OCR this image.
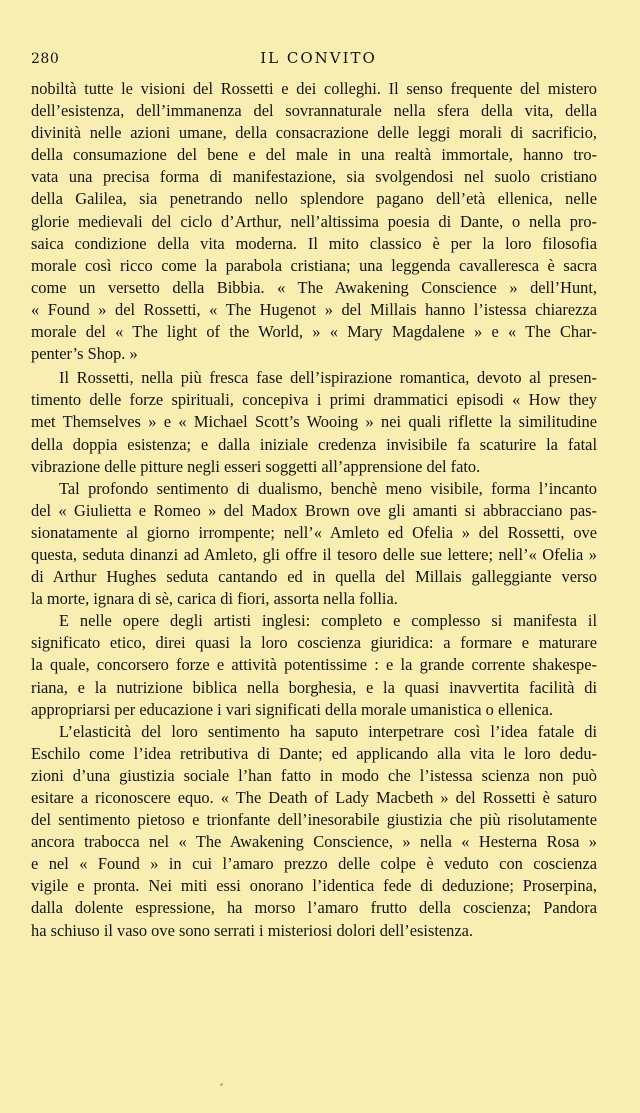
280	IL CONVITO
nobiltà tutte le visioni del Rossetti e dei colleghi. Il senso frequente del mistero
dell’esistenza, dell’immanenza del sovrannaturale nella sfera della vita, della
divinità nelle azioni umane, della consacrazione delle leggi morali di sacrificio,
della consumazione del bene e del male in una realtà immortale, hanno tro-
vata una precisa forma di manifestazione, sia svolgendosi nel suolo cristiano
della Galilea, sia penetrando nello splendore pagano dell’età ellenica, nelle
glorie medievali del ciclo d’Arthur, nell’altissima poesia di Dante, o nella pro-
saica condizione della vita moderna. Il mito classico è per la loro filosofia
morale così ricco come la parabola cristiana; una leggenda cavalleresca è sacra
come un versetto della Bibbia. « The Awakening Conscience » dell’Hunt,
« Found » del Rossetti, « The Hugenot » del Millais hanno l’istessa chiarezza
morale del « The light of the World, » « Mary Magdalene » e « The Char-
penter’s Shop. »
Il Rossetti, nella più fresca fase dell’ispirazione romantica, devoto al presen-
timento delle forze spirituali, concepiva i primi drammatici episodi « How they
met Themselves » e « Michael Scott’s Wooing » nei quali riflette la similitudine
della doppia esistenza; e dalla iniziale credenza invisibile fa scaturire la fatal
vibrazione delle pitture negli esseri soggetti all’apprensione del fato.
Tal profondo sentimento di dualismo, benchè meno visibile, forma l’incanto
del « Giulietta e Romeo » del Madox Brown ove gli amanti si abbracciano pas-
sionatamente al giorno irrompente; nell’« Amleto ed Ofelia » del Rossetti, ove
questa, seduta dinanzi ad Amleto, gli offre il tesoro delle sue lettere; nell’« Ofelia »
di Arthur Hughes seduta cantando ed in quella del Millais galleggiante verso
la morte, ignara di sè, carica di fiori, assorta nella follia.
E nelle opere degli artisti inglesi: completo e complesso si manifesta il
significato etico, direi quasi la loro coscienza giuridica: a formare e maturare
la quale, concorsero forze e attività potentissime : e la grande corrente shakespe-
riana, e la nutrizione biblica nella borghesia, e la quasi inavvertita facilità di
appropriarsi per educazione i vari significati della morale umanistica o ellenica.
L’elasticità del loro sentimento ha saputo interpetrare così l’idea fatale di
Eschilo come l’idea retributiva di Dante; ed applicando alla vita le loro dedu-
zioni d’una giustizia sociale l’han fatto in modo che l’istessa scienza non può
esitare a riconoscere equo. « The Death of Lady Macbeth » del Rossetti è saturo
del sentimento pietoso e trionfante dell’inesorabile giustizia che più risolutamente
ancora trabocca nel « The Awakening Conscience, » nella « Hesterna Rosa »
e nel « Found » in cui l’amaro prezzo delle colpe è veduto con coscienza
vigile e pronta. Nei miti essi onorano l’identica fede di deduzione; Proserpina,
dalla dolente espressione, ha morso l’amaro frutto della coscienza; Pandora
ha schiuso il vaso ove sono serrati i misteriosi dolori dell’esistenza.
